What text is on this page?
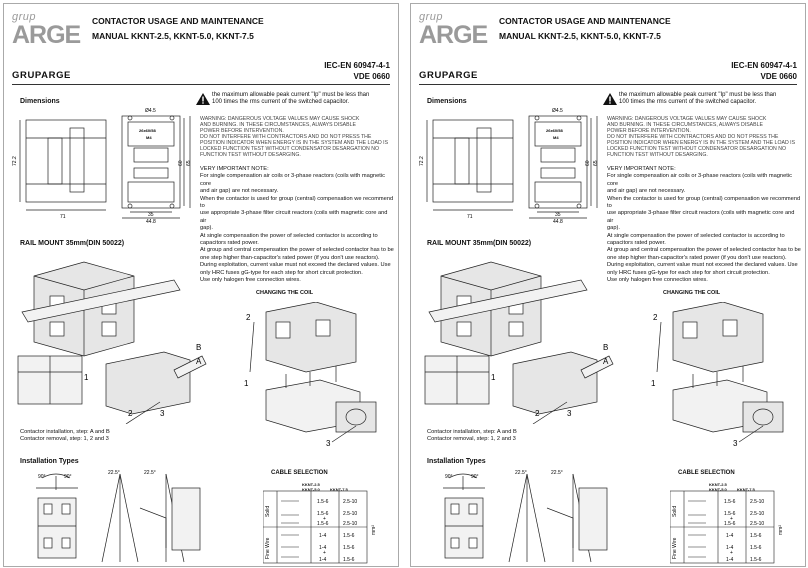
grup
ARGE
GRUPARGE
CONTACTOR USAGE AND MAINTENANCE
MANUAL KKNT-2.5, KKNT-5.0, KKNT-7.5
IEC-EN 60947-4-1
VDE 0660
Dimensions
26x60/58
M4
72.2
71
Ø4.5
35
44.8
60 65
the maximum allowable peak current "Ip" must be less than
100 times the rms current of the switched capacitor.
WARNING: DANGEROUS VOLTAGE VALUES MAY CAUSE SHOCK
AND BURNING. IN THESE CIRCUMSTANCES, ALWAYS DISABLE
POWER BEFORE INTERVENTION.
DO NOT INTERFERE WITH CONTRACTORS AND DO NOT PRESS THE
POSITION INDICATOR WHEN ENERGY IS IN THE SYSTEM AND THE LOAD IS
LOCKED FUNCTION TEST WITHOUT CONDENSATOR DESARGATION NO
FUNCTION TEST WITHOUT DESARGING.
VERY IMPORTANT NOTE:
For single compensation air coils or 3-phase reactors (coils with magnetic core
and air gap) are not necessary.
When the contactor is used for group (central) compensation we recommend to
use appropriate 3-phase filter circuit reactors (coils with magnetic core and air
gap).
At single compensation the power of selected contactor is according to
capacitors rated power.
At group and central compensation the power of selected contactor has to be
one step higher than-capacitor's rated power (if you don't use reactors).
During exploitation, current value must not exceed the declared values. Use
only HRC fuses gG-type for each step for short circuit protection.
Use only halogen free connection wires.
RAIL MOUNT 35mm(DIN 50022)
B
A
1
2	3
CHANGING THE COIL
2
1
3
Contactor installation, step: A and B
Contactor removal, step: 1, 2 and 3
Installation Types
90°	90°
22.5°	22.5°	CABLE SELECTION
KKNT-2.5
KKNT-5.0	KKNT-7.5
Solid
Fine Wire
mm²
1.5-6	2.5-10
1.5-6	2.5-10
+
1.5-6	2.5-10
1-4	1.5-6
1-4	1.5-6
+
1-4	1.5-6
grup
ARGE
GRUPARGE
CONTACTOR USAGE AND MAINTENANCE
MANUAL KKNT-2.5, KKNT-5.0, KKNT-7.5
IEC-EN 60947-4-1
VDE 0660
Dimensions
26x60/58
M4
72.2
71
Ø4.5
35
44.8
60 65
the maximum allowable peak current "Ip" must be less than
100 times the rms current of the switched capacitor.
WARNING: DANGEROUS VOLTAGE VALUES MAY CAUSE SHOCK
AND BURNING. IN THESE CIRCUMSTANCES, ALWAYS DISABLE
POWER BEFORE INTERVENTION.
DO NOT INTERFERE WITH CONTRACTORS AND DO NOT PRESS THE
POSITION INDICATOR WHEN ENERGY IS IN THE SYSTEM AND THE LOAD IS
LOCKED FUNCTION TEST WITHOUT CONDENSATOR DESARGATION NO
FUNCTION TEST WITHOUT DESARGING.
VERY IMPORTANT NOTE:
For single compensation air coils or 3-phase reactors (coils with magnetic core
and air gap) are not necessary.
When the contactor is used for group (central) compensation we recommend to
use appropriate 3-phase filter circuit reactors (coils with magnetic core and air
gap).
At single compensation the power of selected contactor is according to
capacitors rated power.
At group and central compensation the power of selected contactor has to be
one step higher than-capacitor's rated power (if you don't use reactors).
During exploitation, current value must not exceed the declared values. Use
only HRC fuses gG-type for each step for short circuit protection.
Use only halogen free connection wires.
RAIL MOUNT 35mm(DIN 50022)
B
A
1
2	3
CHANGING THE COIL
2
1
3
Contactor installation, step: A and B
Contactor removal, step: 1, 2 and 3
Installation Types
90°	90°
22.5°	22.5°	CABLE SELECTION
KKNT-2.5
KKNT-5.0	KKNT-7.5
Solid
Fine Wire
mm²
1.5-6	2.5-10
1.5-6	2.5-10
+
1.5-6	2.5-10
1-4	1.5-6
1-4	1.5-6
+
1-4	1.5-6
